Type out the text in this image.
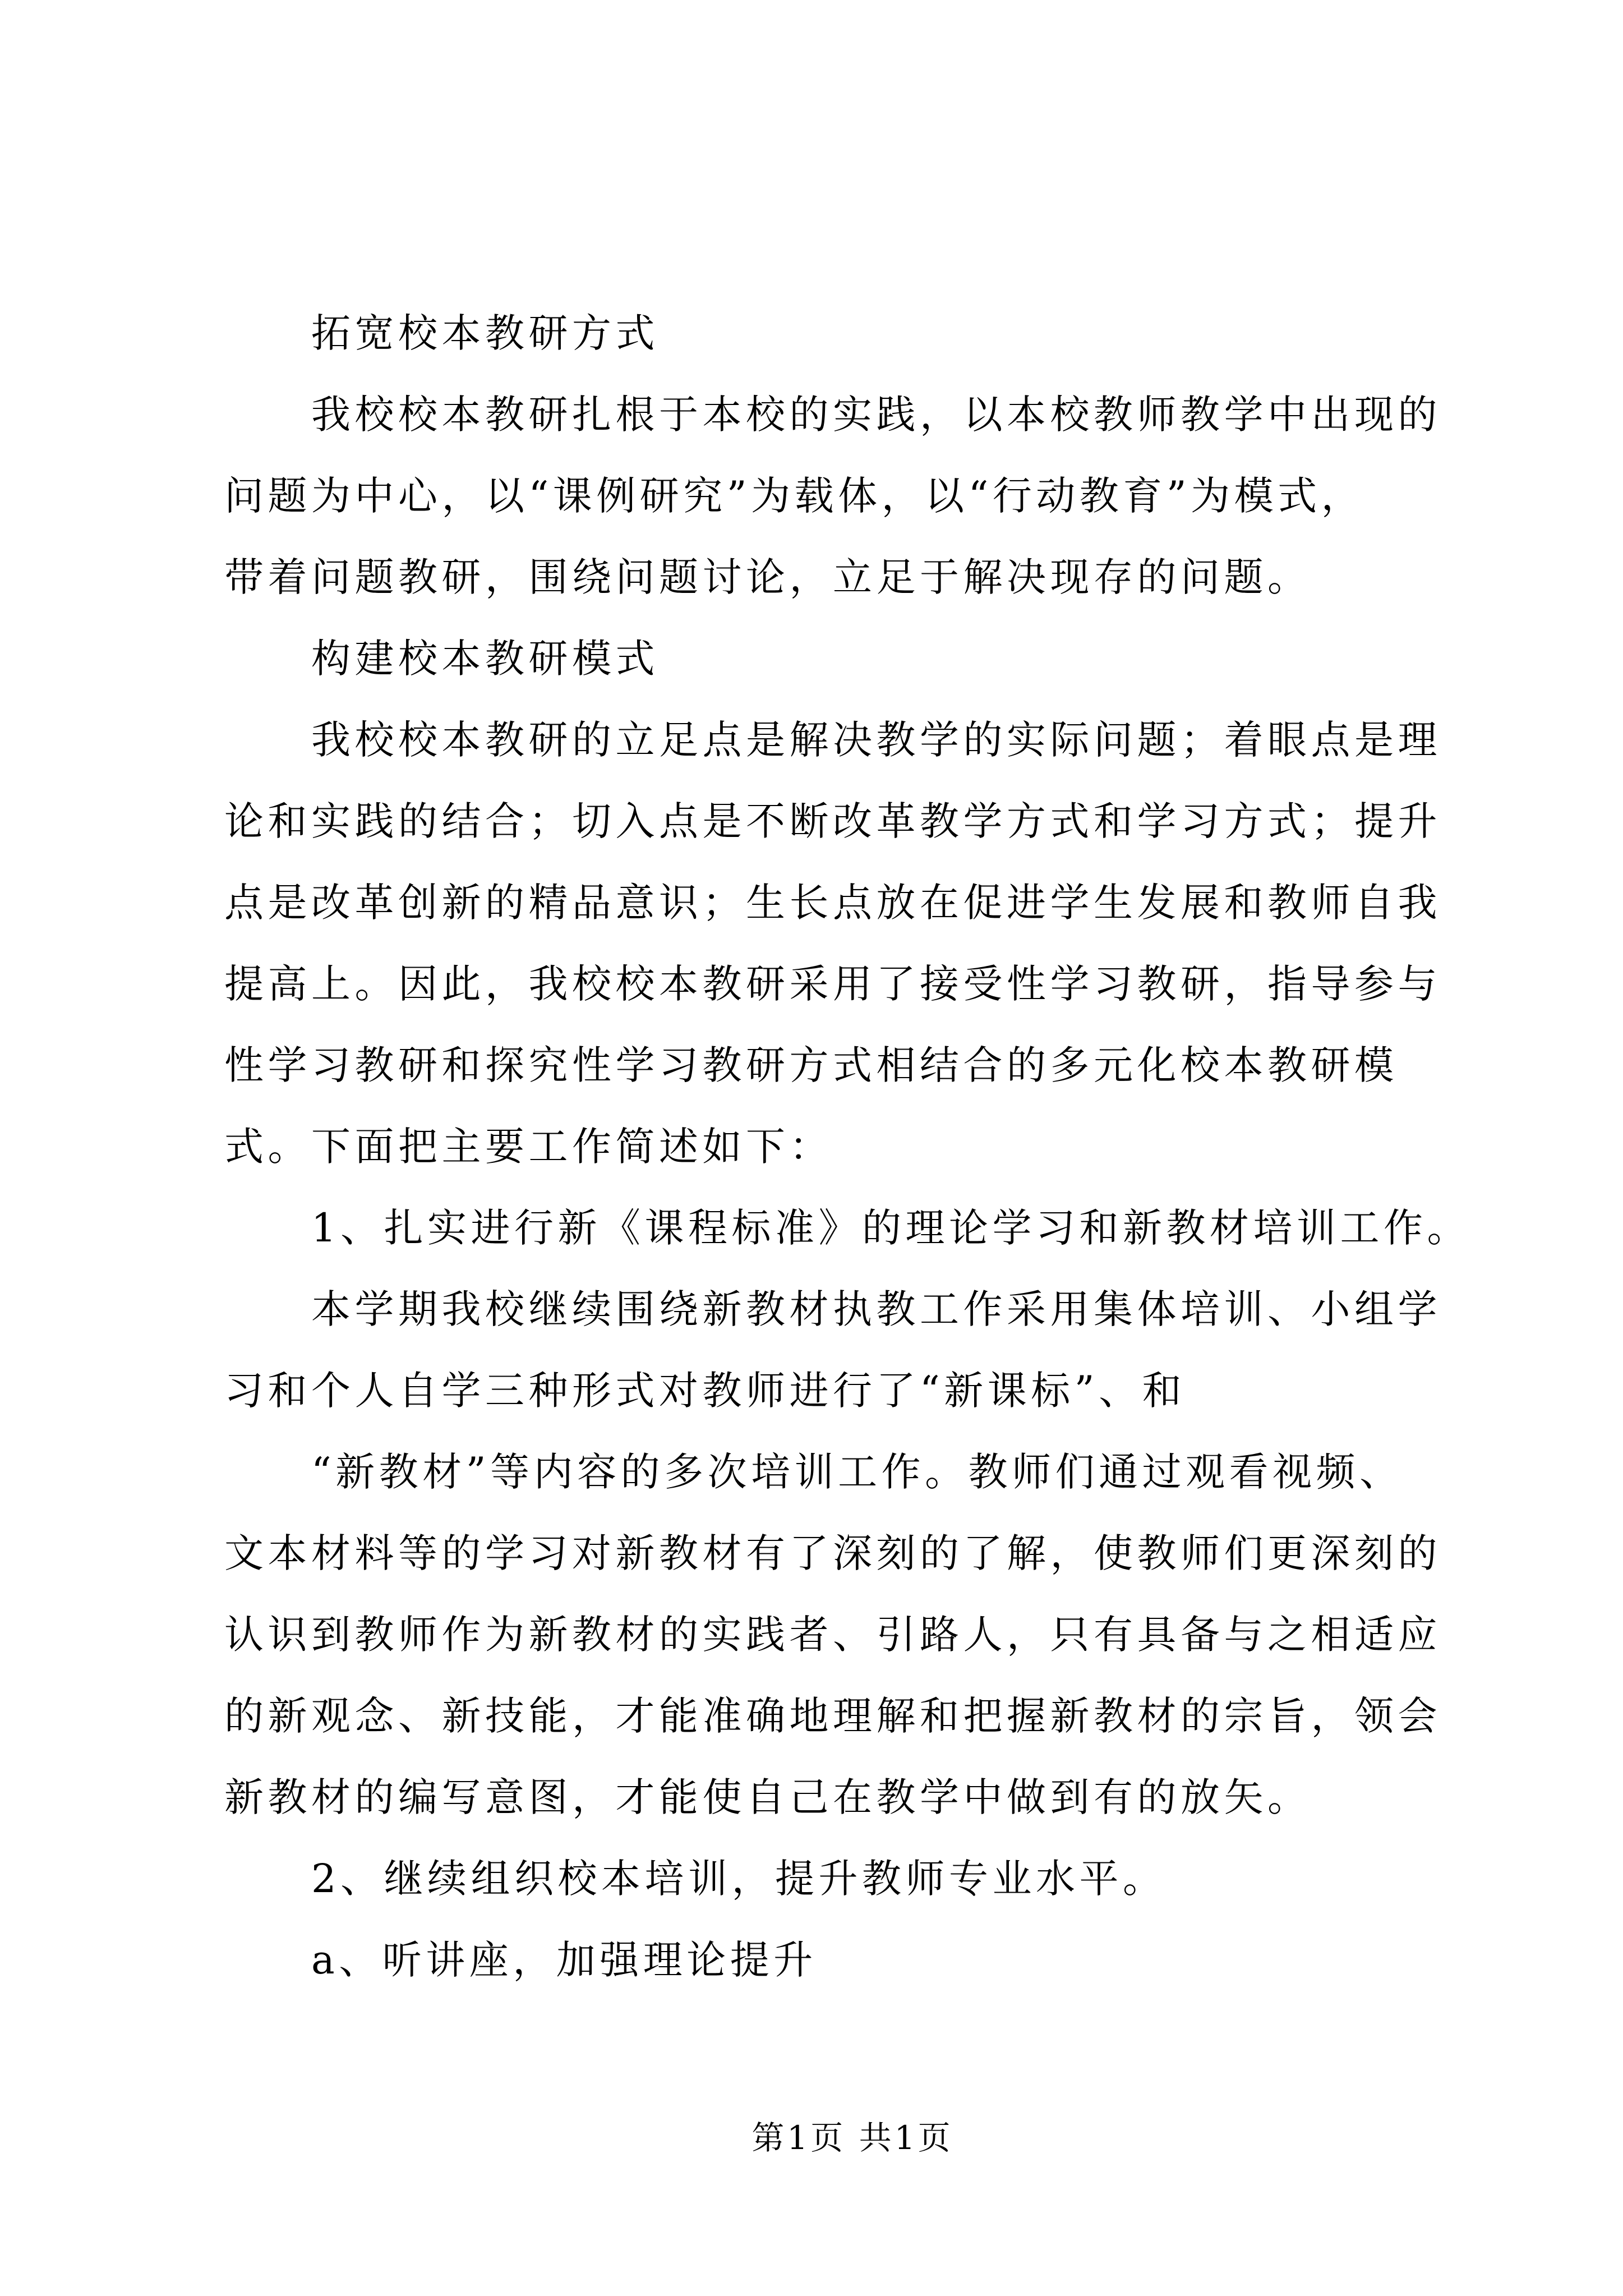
拓宽校本教研方式
我校校本教研扎根于本校的实践，以本校教师教学中出现的
问题为中心，以“课例研究”为载体，以“行动教育”为模式，
带着问题教研，围绕问题讨论，立足于解决现存的问题。
构建校本教研模式
我校校本教研的立足点是解决教学的实际问题；着眼点是理
论和实践的结合；切入点是不断改革教学方式和学习方式；提升
点是改革创新的精品意识；生长点放在促进学生发展和教师自我
提高上。因此，我校校本教研采用了接受性学习教研，指导参与
性学习教研和探究性学习教研方式相结合的多元化校本教研模
式。下面把主要工作简述如下：
1、扎实进行新《课程标准》的理论学习和新教材培训工作。
本学期我校继续围绕新教材执教工作采用集体培训、小组学
习和个人自学三种形式对教师进行了“新课标”、和
“新教材”等内容的多次培训工作。教师们通过观看视频、
文本材料等的学习对新教材有了深刻的了解，使教师们更深刻的
认识到教师作为新教材的实践者、引路人，只有具备与之相适应
的新观念、新技能，才能准确地理解和把握新教材的宗旨，领会
新教材的编写意图，才能使自己在教学中做到有的放矢。
2、继续组织校本培训，提升教师专业水平。
a、听讲座，加强理论提升
第1页 共1页
